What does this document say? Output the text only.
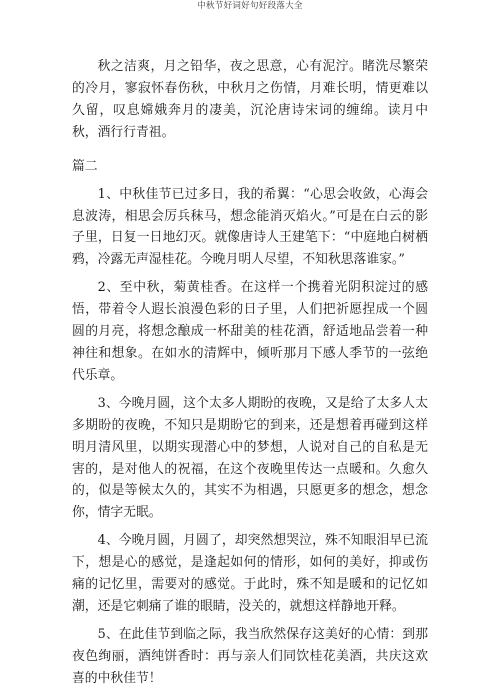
中秋节好词好句好段落大全

秋之洁爽，月之铅华，夜之思意，心有泥泞。睹洗尽繁荣的冷月，寥寂怀春伤秋，中秋月之伤情，月难长明，情更难以久留，叹息嫦娥奔月的凄美，沉沦唐诗宋词的缠绵。读月中秋，酒行行青祖。

篇二

1、中秋佳节已过多日，我的希翼：“心思会收敛，心海会息波涛，相思会厉兵秣马，想念能消灭焰火。”可是在白云的影子里，日复一日地幻灭。就像唐诗人王建笔下：“中庭地白树栖鸦，冷露无声湿桂花。今晚月明人尽望，不知秋思落谁家。”

2、至中秋，菊黄桂香。在这样一个携着光阴积淀过的感悟，带着令人遐长浪漫色彩的日子里，人们把祈愿捏成一个圆圆的月亮，将想念酿成一杯甜美的桂花酒，舒适地品尝着一种神往和想象。在如水的清辉中，倾听那月下感人季节的一弦绝代乐章。

3、今晚月圆，这个太多人期盼的夜晚，又是给了太多人太多期盼的夜晚，不知只是期盼它的到来，还是想着再碰到这样明月清风里，以期实现潜心中的梦想，人说对自己的自私是无害的，是对他人的祝福，在这个夜晚里传达一点暖和。久愈久的，似是等候太久的，其实不为相遇，只愿更多的想念，想念你，情字无眠。

4、今晚月圆，月圆了，却突然想哭泣，殊不知眼泪早已流下，想是心的感觉，是逢起如何的情形，如何的美好，抑或伤痛的记忆里，需要对的感觉。于此时，殊不知是暖和的记忆如潮，还是它刺痛了谁的眼睛，没关的，就想这样静地开释。

5、在此佳节到临之际，我当欣然保存这美好的心情：到那夜色绚丽，酒纯饼香时：再与亲人们同饮桂花美酒，共庆这欢喜的中秋佳节！
